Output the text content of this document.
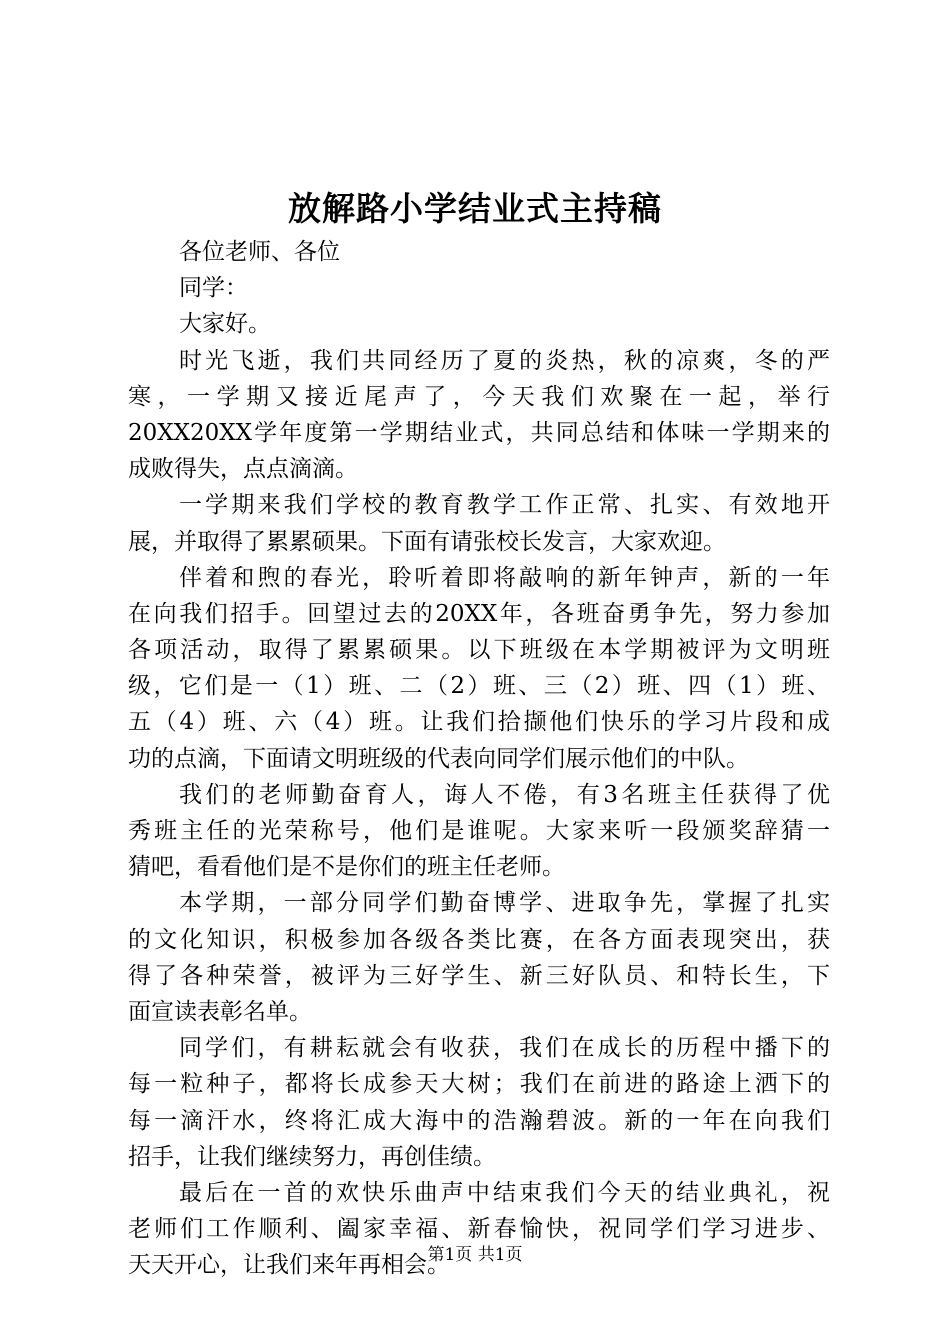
放解路小学结业式主持稿
各位老师、各位
同学：
大家好。
时光飞逝，我们共同经历了夏的炎热，秋的凉爽，冬的严
寒，一学期又接近尾声了，今天我们欢聚在一起，举行
20XX20XX学年度第一学期结业式，共同总结和体味一学期来的
成败得失，点点滴滴。
一学期来我们学校的教育教学工作正常、扎实、有效地开
展，并取得了累累硕果。下面有请张校长发言，大家欢迎。
伴着和煦的春光，聆听着即将敲响的新年钟声，新的一年
在向我们招手。回望过去的20XX年，各班奋勇争先，努力参加
各项活动，取得了累累硕果。以下班级在本学期被评为文明班
级，它们是一（1）班、二（2）班、三（2）班、四（1）班、
五（4）班、六（4）班。让我们拾撷他们快乐的学习片段和成
功的点滴，下面请文明班级的代表向同学们展示他们的中队。
我们的老师勤奋育人，诲人不倦，有3名班主任获得了优
秀班主任的光荣称号，他们是谁呢。大家来听一段颁奖辞猜一
猜吧，看看他们是不是你们的班主任老师。
本学期，一部分同学们勤奋博学、进取争先，掌握了扎实
的文化知识，积极参加各级各类比赛，在各方面表现突出，获
得了各种荣誉，被评为三好学生、新三好队员、和特长生，下
面宣读表彰名单。
同学们，有耕耘就会有收获，我们在成长的历程中播下的
每一粒种子，都将长成参天大树；我们在前进的路途上洒下的
每一滴汗水，终将汇成大海中的浩瀚碧波。新的一年在向我们
招手，让我们继续努力，再创佳绩。
最后在一首的欢快乐曲声中结束我们今天的结业典礼，祝
老师们工作顺利、阖家幸福、新春愉快，祝同学们学习进步、
天天开心，让我们来年再相会。
第1页 共1页
